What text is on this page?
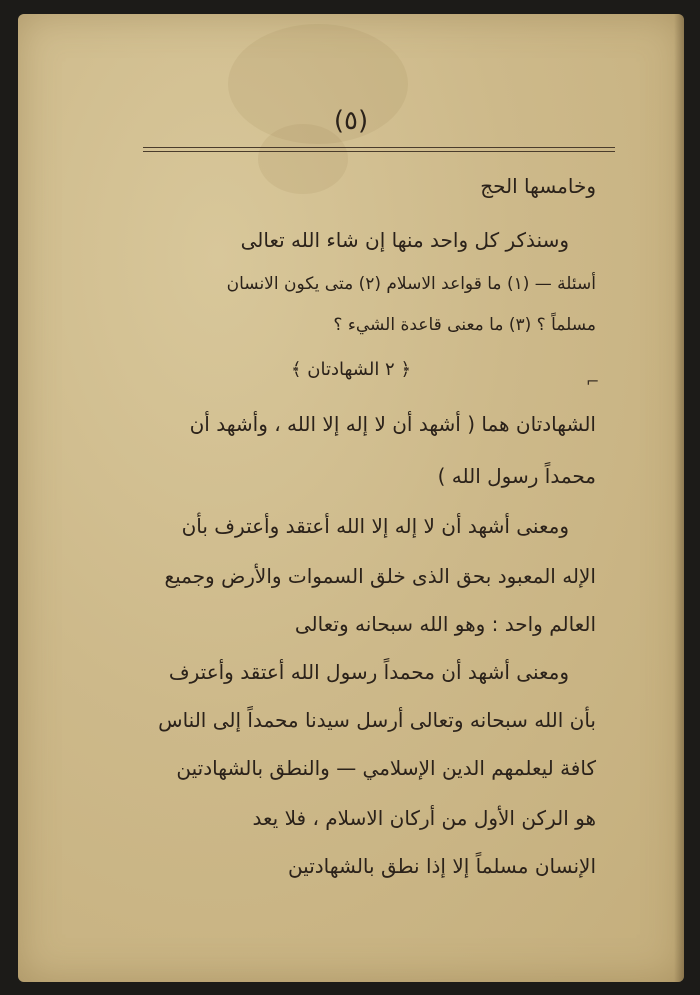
(٥)
وخامسها الحج
وسنذكر كل واحد منها إن شاء الله تعالى
أسئلة — (١) ما قواعد الاسلام (٢) متى يكون الانسان
مسلماً ؟ (٣) ما معنى قاعدة الشيء ؟
﴿ ٢ الشهادتان ﴾
⌐
الشهادتان هما ( أشهد أن لا إله إلا الله ، وأشهد أن
محمداً رسول الله )
ومعنى أشهد أن لا إله إلا الله أعتقد وأعترف بأن
الإله المعبود بحق الذى خلق السموات والأرض وجميع
العالم واحد : وهو الله سبحانه وتعالى
ومعنى أشهد أن محمداً رسول الله أعتقد وأعترف
بأن الله سبحانه وتعالى أرسل سيدنا محمداً إلى الناس
كافة ليعلمهم الدين الإسلامي — والنطق بالشهادتين
هو الركن الأول من أركان الاسلام ، فلا يعد
الإنسان مسلماً إلا إذا نطق بالشهادتين
